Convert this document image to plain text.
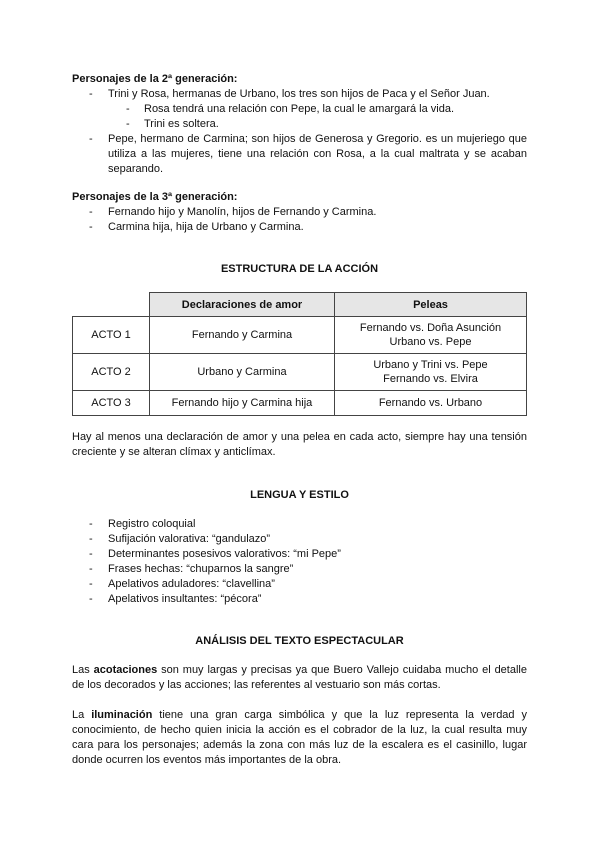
Personajes de la 2ª generación:
- Trini y Rosa, hermanas de Urbano, los tres son hijos de Paca y el Señor Juan.
- Rosa tendrá una relación con Pepe, la cual le amargará la vida.
- Trini es soltera.
- Pepe, hermano de Carmina; son hijos de Generosa y Gregorio. es un mujeriego que utiliza a las mujeres, tiene una relación con Rosa, a la cual maltrata y se acaban separando.
Personajes de la 3ª generación:
- Fernando hijo y Manolín, hijos de Fernando y Carmina.
- Carmina hija, hija de Urbano y Carmina.
ESTRUCTURA DE LA ACCIÓN
	Declaraciones de amor	Peleas
ACTO 1	Fernando y Carmina	Fernando vs. Doña Asunción
Urbano vs. Pepe

ACTO 2	Urbano y Carmina	Urbano y Trini vs. Pepe
Fernando vs. Elvira

ACTO 3	Fernando hijo y Carmina hija	Fernando vs. Urbano
Hay al menos una declaración de amor y una pelea en cada acto, siempre hay una tensión creciente y se alteran clímax y anticlímax.
LENGUA Y ESTILO
- Registro coloquial
- Sufijación valorativa: “gandulazo”
- Determinantes posesivos valorativos: “mi Pepe”
- Frases hechas: “chuparnos la sangre”
- Apelativos aduladores: “clavellina”
- Apelativos insultantes: “pécora”
ANÁLISIS DEL TEXTO ESPECTACULAR
Las acotaciones son muy largas y precisas ya que Buero Vallejo cuidaba mucho el detalle de los decorados y las acciones; las referentes al vestuario son más cortas.
La iluminación tiene una gran carga simbólica y que la luz representa la verdad y conocimiento, de hecho quien inicia la acción es el cobrador de la luz, la cual resulta muy cara para los personajes; además la zona con más luz de la escalera es el casinillo, lugar donde ocurren los eventos más importantes de la obra.
